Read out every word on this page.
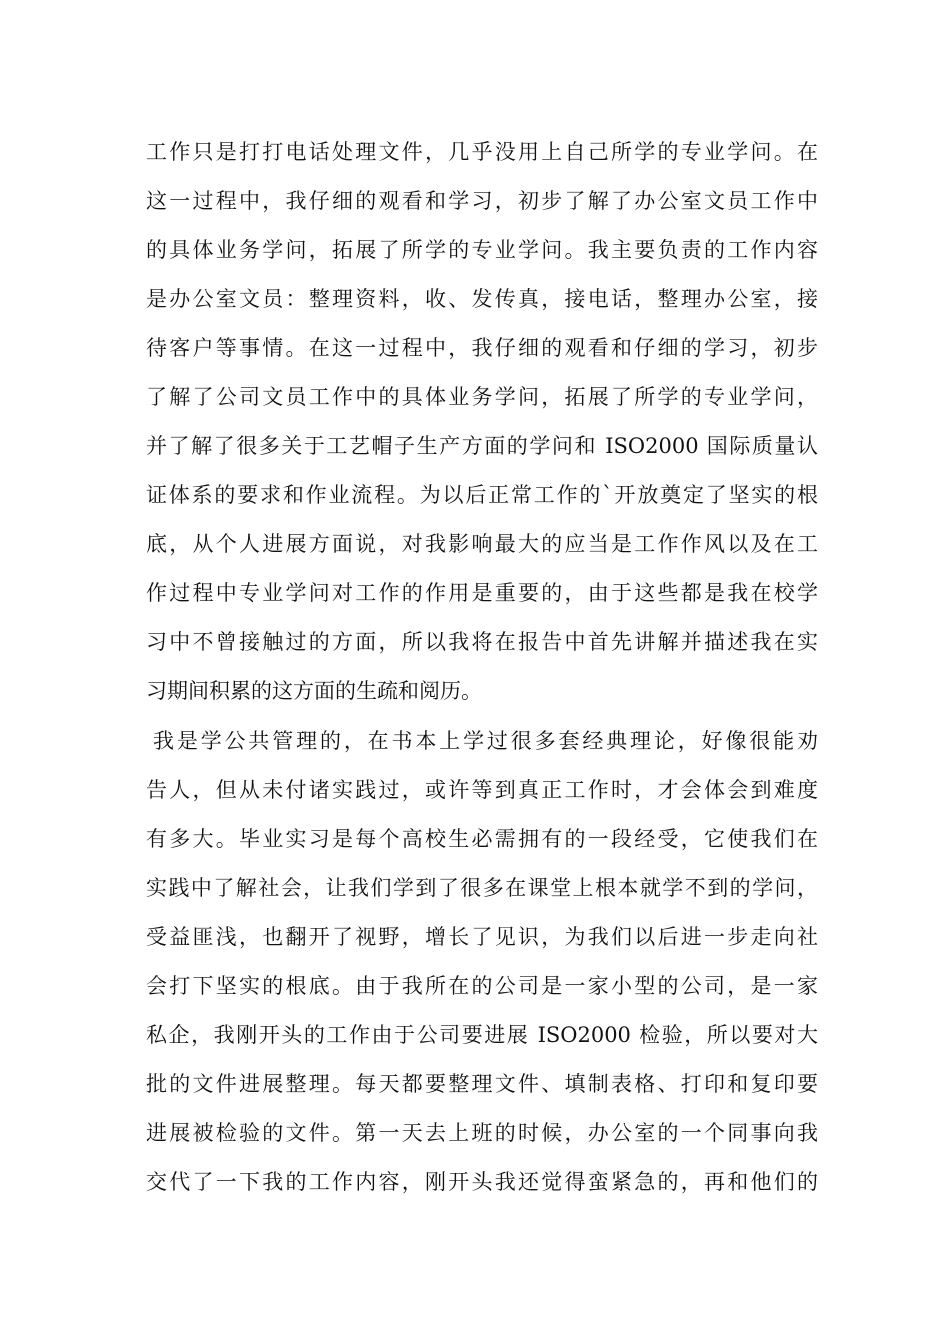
工作只是打打电话处理文件，几乎没用上自己所学的专业学问。在
这一过程中，我仔细的观看和学习，初步了解了办公室文员工作中
的具体业务学问，拓展了所学的专业学问。我主要负责的工作内容
是办公室文员：整理资料，收、发传真，接电话，整理办公室，接
待客户等事情。在这一过程中，我仔细的观看和仔细的学习，初步
了解了公司文员工作中的具体业务学问，拓展了所学的专业学问，
并了解了很多关于工艺帽子生产方面的学问和 ISO2000 国际质量认
证体系的要求和作业流程。为以后正常工作的`开放奠定了坚实的根
底，从个人进展方面说，对我影响最大的应当是工作作风以及在工
作过程中专业学问对工作的作用是重要的，由于这些都是我在校学
习中不曾接触过的方面，所以我将在报告中首先讲解并描述我在实
习期间积累的这方面的生疏和阅历。
我是学公共管理的，在书本上学过很多套经典理论，好像很能劝
告人，但从未付诸实践过，或许等到真正工作时，才会体会到难度
有多大。毕业实习是每个高校生必需拥有的一段经受，它使我们在
实践中了解社会，让我们学到了很多在课堂上根本就学不到的学问，
受益匪浅，也翻开了视野，增长了见识，为我们以后进一步走向社
会打下坚实的根底。由于我所在的公司是一家小型的公司，是一家
私企，我刚开头的工作由于公司要进展 ISO2000 检验，所以要对大
批的文件进展整理。每天都要整理文件、填制表格、打印和复印要
进展被检验的文件。第一天去上班的时候，办公室的一个同事向我
交代了一下我的工作内容，刚开头我还觉得蛮紧急的，再和他们的
